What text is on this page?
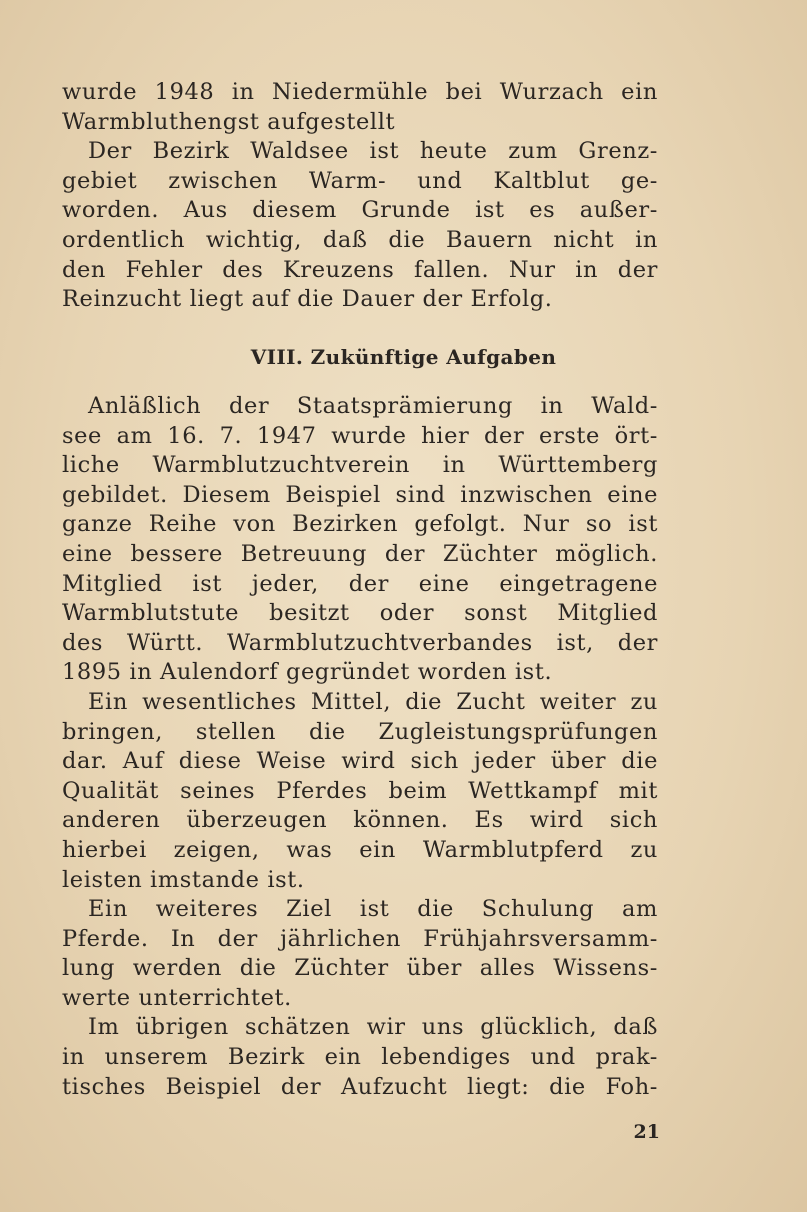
wurde 1948 in Niedermühle bei Wurzach ein
Warmbluthengst aufgestellt
Der Bezirk Waldsee ist heute zum Grenz-
gebiet zwischen Warm- und Kaltblut ge-
worden. Aus diesem Grunde ist es außer-
ordentlich wichtig, daß die Bauern nicht in
den Fehler des Kreuzens fallen. Nur in der
Reinzucht liegt auf die Dauer der Erfolg.
VIII. Zukünftige Aufgaben
Anläßlich der Staatsprämierung in Wald-
see am 16. 7. 1947 wurde hier der erste ört-
liche Warmblutzuchtverein in Württemberg
gebildet. Diesem Beispiel sind inzwischen eine
ganze Reihe von Bezirken gefolgt. Nur so ist
eine bessere Betreuung der Züchter möglich.
Mitglied ist jeder, der eine eingetragene
Warmblutstute besitzt oder sonst Mitglied
des Württ. Warmblutzuchtverbandes ist, der
1895 in Aulendorf gegründet worden ist.
Ein wesentliches Mittel, die Zucht weiter zu
bringen, stellen die Zugleistungsprüfungen
dar. Auf diese Weise wird sich jeder über die
Qualität seines Pferdes beim Wettkampf mit
anderen überzeugen können. Es wird sich
hierbei zeigen, was ein Warmblutpferd zu
leisten imstande ist.
Ein weiteres Ziel ist die Schulung am
Pferde. In der jährlichen Frühjahrsversamm-
lung werden die Züchter über alles Wissens-
werte unterrichtet.
Im übrigen schätzen wir uns glücklich, daß
in unserem Bezirk ein lebendiges und prak-
tisches Beispiel der Aufzucht liegt: die Foh-
21
